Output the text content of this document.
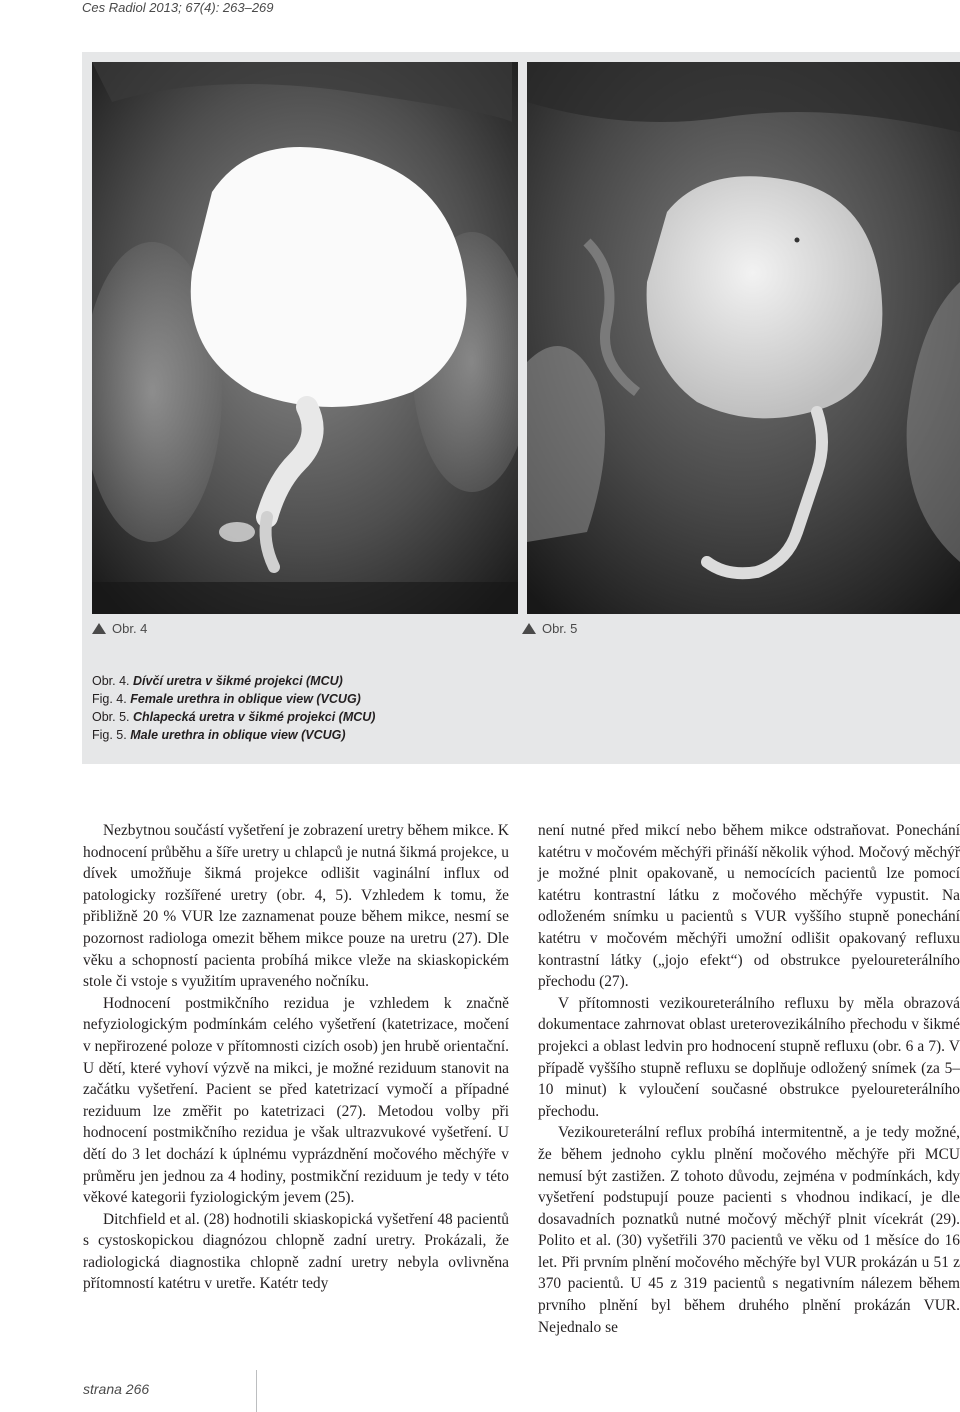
Ces Radiol 2013; 67(4): 263–269
Obr. 4	Obr. 5
Obr. 4. Dívčí uretra v šikmé projekci (MCU)
Fig. 4. Female urethra in oblique view (VCUG)
Obr. 5. Chlapecká uretra v šikmé projekci (MCU)
Fig. 5. Male urethra in oblique view (VCUG)

Nezbytnou součástí vyšetření je zobrazení uretry během mikce. K hodnocení průběhu a šíře uretry u chlapců je nutná šikmá projekce, u dívek umožňuje šikmá projekce odlišit vaginální influx od patologicky rozšířené uretry (obr. 4, 5). Vzhledem k tomu, že přibližně 20 % VUR lze zaznamenat pouze během mikce, nesmí se pozornost radiologa omezit během mikce pouze na uretru (27). Dle věku a schopností pacienta probíhá mikce vleže na skiaskopickém stole či vstoje s využitím upraveného nočníku.

Hodnocení postmikčního rezidua je vzhledem k značně nefyziologickým podmínkám celého vyšetření (katetrizace, močení v nepřirozené poloze v přítomnosti cizích osob) jen hrubě orientační. U dětí, které vyhoví výzvě na mikci, je možné reziduum stanovit na začátku vyšetření. Pacient se před katetrizací vymočí a případné reziduum lze změřit po katetrizaci (27). Metodou volby při hodnocení postmikčního rezidua je však ultrazvukové vyšetření. U dětí do 3 let dochází k úplnému vyprázdnění močového měchýře v průměru jen jednou za 4 hodiny, postmikční reziduum je tedy v této věkové kategorii fyziologickým jevem (25).

Ditchfield et al. (28) hodnotili skiaskopická vyšetření 48 pacientů s cystoskopickou diagnózou chlopně zadní uretry. Prokázali, že radiologická diagnostika chlopně zadní uretry nebyla ovlivněna přítomností katétru v uretře. Katétr tedy

není nutné před mikcí nebo během mikce odstraňovat. Ponechání katétru v močovém měchýři přináší několik výhod. Močový měchýř je možné plnit opakovaně, u nemocících pacientů lze pomocí katétru kontrastní látku z močového měchýře vypustit. Na odloženém snímku u pacientů s VUR vyššího stupně ponechání katétru v močovém měchýři umožní odlišit opakovaný refluxu kontrastní látky („jojo efekt“) od obstrukce pyeloureterálního přechodu (27).

V přítomnosti vezikoureterálního refluxu by měla obrazová dokumentace zahrnovat oblast ureterovezikálního přechodu v šikmé projekci a oblast ledvin pro hodnocení stupně refluxu (obr. 6 a 7). V případě vyššího stupně refluxu se doplňuje odložený snímek (za 5–10 minut) k vyloučení současné obstrukce pyeloureterálního přechodu.

Vezikoureterální reflux probíhá intermitentně, a je tedy možné, že během jednoho cyklu plnění močového měchýře při MCU nemusí být zastižen. Z tohoto důvodu, zejména v podmínkách, kdy vyšetření podstupují pouze pacienti s vhodnou indikací, je dle dosavadních poznatků nutné močový měchýř plnit vícekrát (29). Polito et al. (30) vyšetřili 370 pacientů ve věku od 1 měsíce do 16 let. Při prvním plnění močového měchýře byl VUR prokázán u 51 z 370 pacientů. U 45 z 319 pacientů s negativním nálezem během prvního plnění byl během druhého plnění prokázán VUR. Nejednalo se

strana 266
